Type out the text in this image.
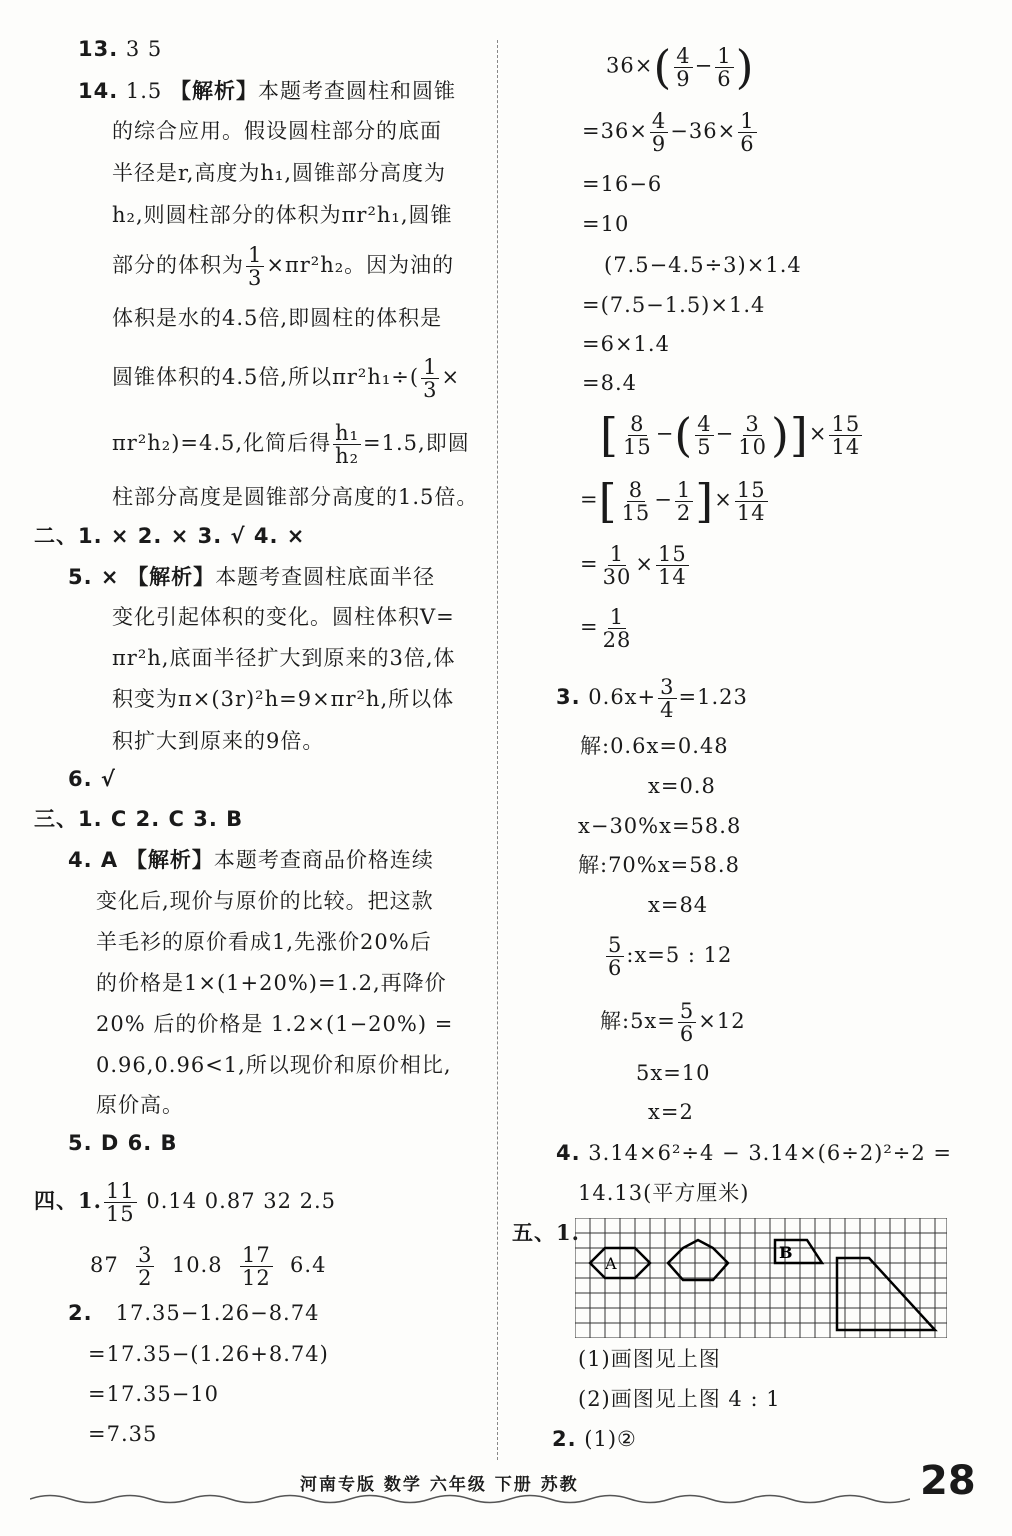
13. 3 5
14. 1.5 【解析】本题考查圆柱和圆锥
的综合应用。假设圆柱部分的底面
半径是r,高度为h₁,圆锥部分高度为
h₂,则圆柱部分的体积为πr²h₁,圆锥
部分的体积为 $\frac{1}{3} \times\pi r^2h_2$。因为油的
体积是水的4.5倍,即圆柱的体积是
圆锥体积的4.5倍,所以$\pi r^2h_1\div( \frac{1}{3}$ ×
πr²h₂)=4.5,化简后得 $\frac{\text{h₁}}{\text{h₂}} =1.5$,即圆
柱部分高度是圆锥部分高度的1.5倍。
二、1. × 2. × 3. √ 4. ×
5. × 【解析】本题考查圆柱底面半径
变化引起体积的变化。圆柱体积V=
πr²h,底面半径扩大到原来的3倍,体
积变为π×(3r)²h=9×πr²h,所以体
积扩大到原来的9倍。
6. √
三、1. C 2. C 3. B
4. A 【解析】本题考查商品价格连续
变化后,现价与原价的比较。把这款
羊毛衫的原价看成1,先涨价20%后
的价格是1×(1+20%)=1.2,再降价
20% 后的价格是 1.2×(1−20%) =
0.96,0.96<1,所以现价和原价相比,
原价高。
5. D 6. B
四、1. $\frac{11}{15} 0.14$ 0.87 32 2.5
$87 \frac{3}{2} 10.8 \frac{17}{12} 6.4$
2. 17.35−1.26−8.74
=17.35−(1.26+8.74)
=17.35−10
=7.35
$36\times( \frac{4}{9} - \frac{1}{6}$ )
$=36\times \frac{4}{9} -36\times \frac{1}{6}$
=16−6
=10
(7.5−4.5÷3)×1.4
=(7.5−1.5)×1.4
=6×1.4
=8.4
[ $\frac{8}{15}$ −( $\frac{4}{5} - \frac{3}{10}$ )]× $\frac{15}{14}$
=[ $\frac{8}{15} - \frac{1}{2}$ ]× $\frac{15}{14}$
= $\frac{1}{30} \times \frac{15}{14}$
= $\frac{1}{28}$
3. $0.6x+ \frac{3}{4} =1.23$
解:0.6x=0.48
x=0.8
x−30%x=58.8
解:70%x=58.8
x=84
$\frac{5}{6}$ :x=5 : 12
解:5x= $\frac{5}{6} \times 12$
5x=10
x=2
4. 3.14×6²÷4 − 3.14×(6÷2)²÷2 =
14.13(平方厘米)
五、1.
A
B
(1)画图见上图
(2)画图见上图 4 : 1
2. (1)②
河南专版 数学 六年级 下册 苏教	28
